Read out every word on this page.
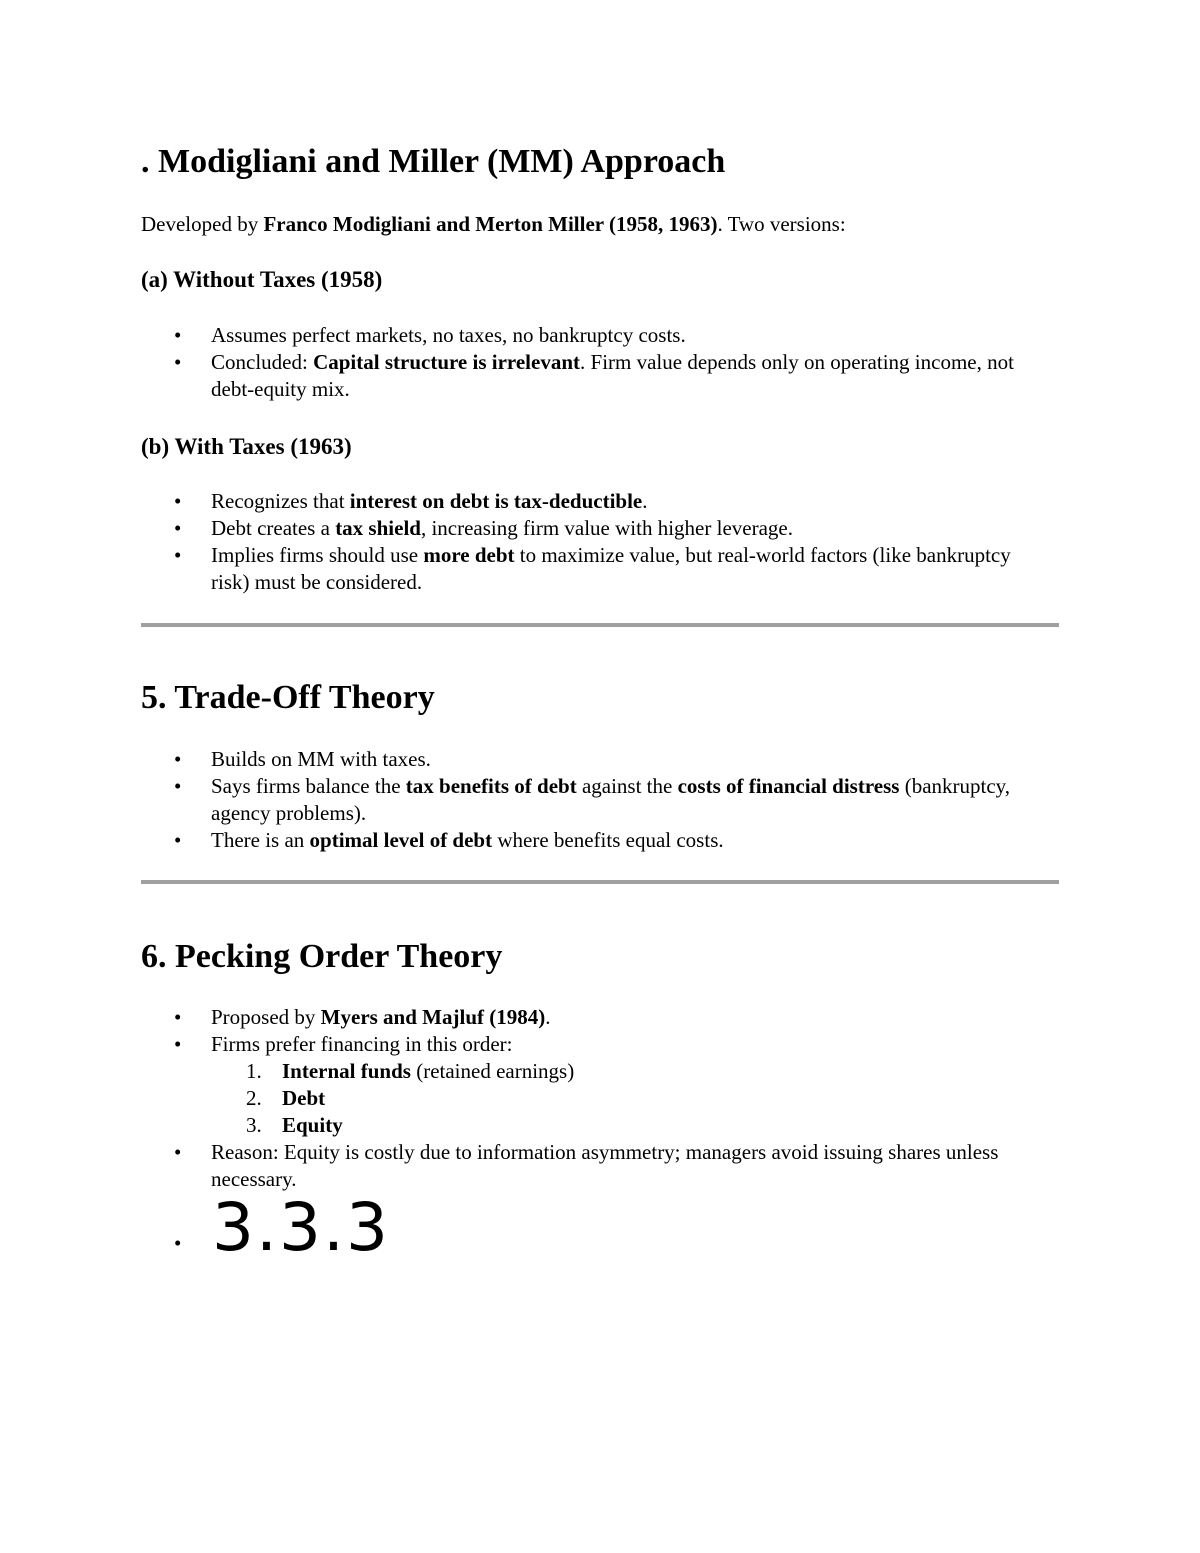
. Modigliani and Miller (MM) Approach

Developed by Franco Modigliani and Merton Miller (1958, 1963). Two versions:

(a) Without Taxes (1958)
• Assumes perfect markets, no taxes, no bankruptcy costs.
• Concluded: Capital structure is irrelevant. Firm value depends only on operating income, not debt-equity mix.
(b) With Taxes (1963)
• Recognizes that interest on debt is tax-deductible.
• Debt creates a tax shield, increasing firm value with higher leverage.
• Implies firms should use more debt to maximize value, but real-world factors (like bankruptcy risk) must be considered.
5. Trade-Off Theory
• Builds on MM with taxes.
• Says firms balance the tax benefits of debt against the costs of financial distress (bankruptcy, agency problems).
• There is an optimal level of debt where benefits equal costs.
6. Pecking Order Theory
• Proposed by Myers and Majluf (1984).
• Firms prefer financing in this order:
1. Internal funds (retained earnings)
2. Debt
3. Equity
• Reason: Equity is costly due to information asymmetry; managers avoid issuing shares unless necessary.
• 3.3.3
